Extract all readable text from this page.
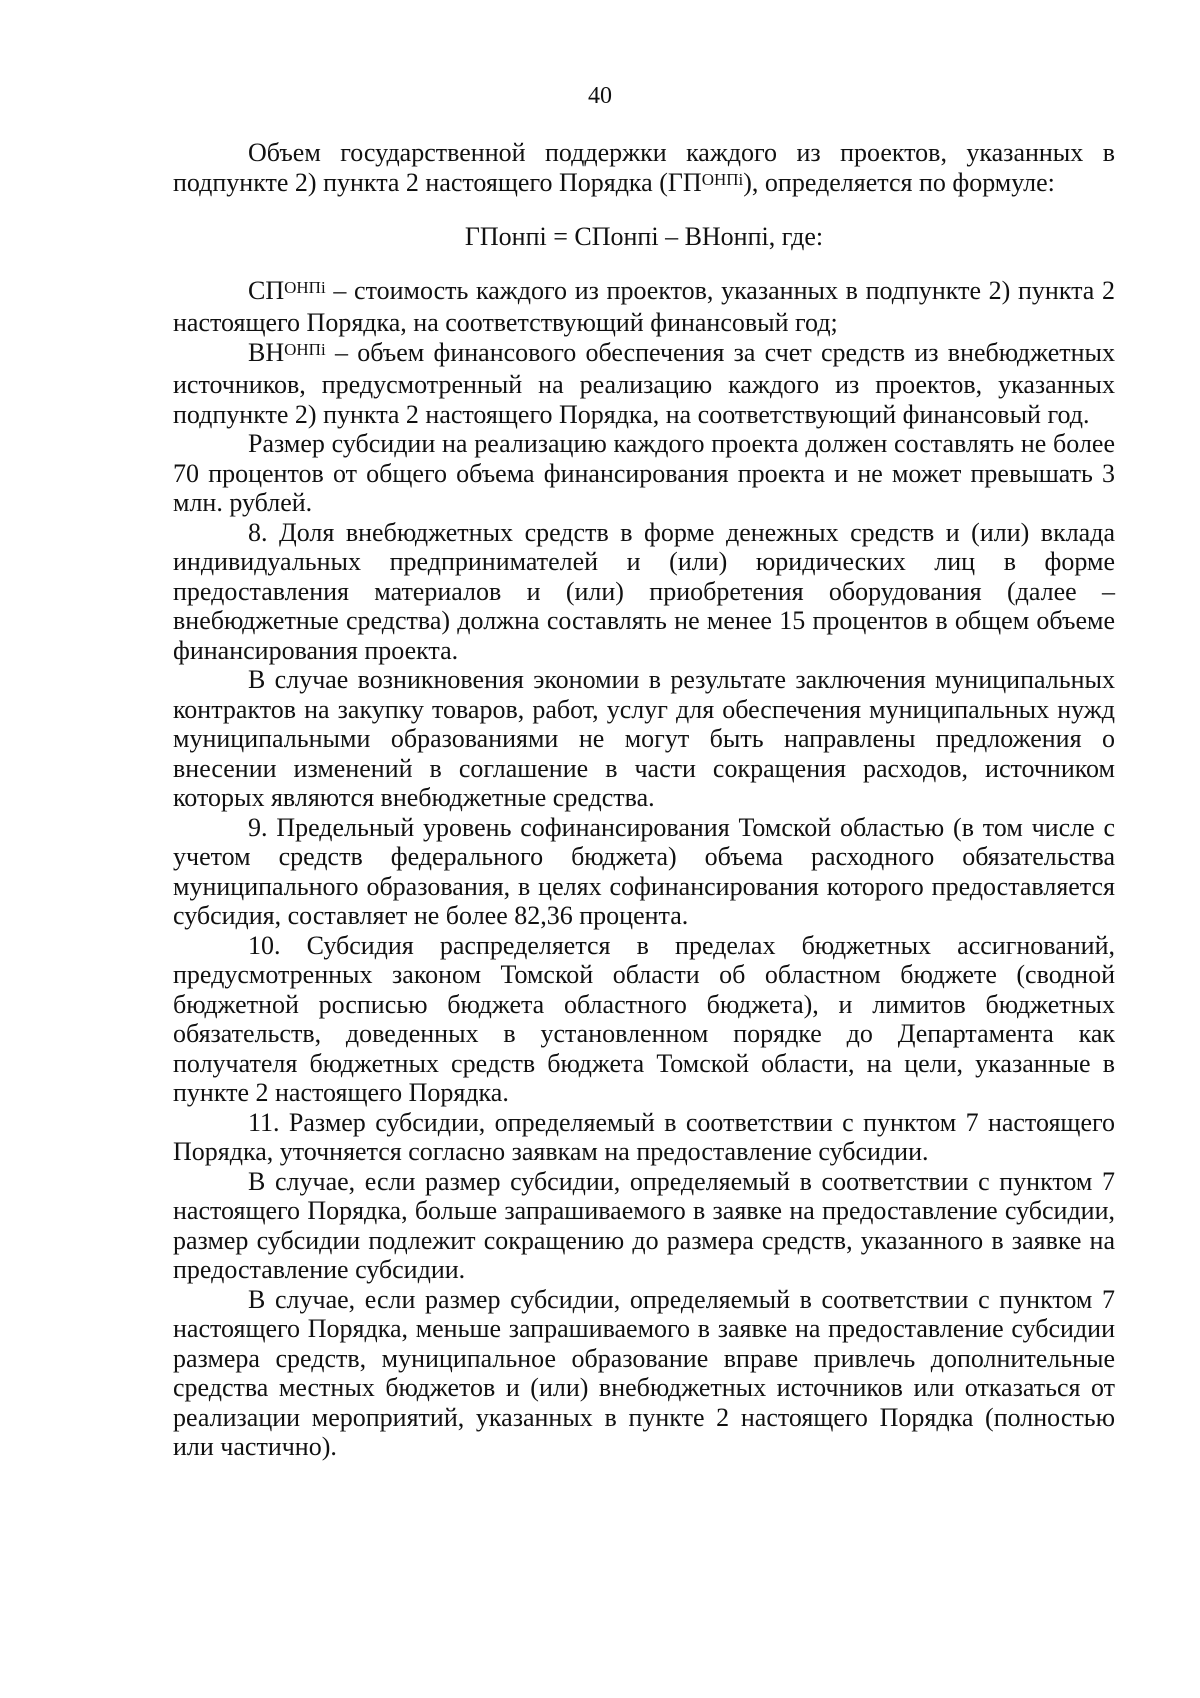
40

Объем государственной поддержки каждого из проектов, указанных в подпункте 2) пункта 2 настоящего Порядка $(ГП^{ОНПi})$, определяется по формуле:

ГПонпi = СПонпi – ВНонпi, где:

$СП^{ОНПi}$ – стоимость каждого из проектов, указанных в подпункте 2) пункта 2 настоящего Порядка, на соответствующий финансовый год;

$ВН^{ОНПi}$ – объем финансового обеспечения за счет средств из внебюджетных источников, предусмотренный на реализацию каждого из проектов, указанных подпункте 2) пункта 2 настоящего Порядка, на соответствующий финансовый год.

Размер субсидии на реализацию каждого проекта должен составлять не более 70 процентов от общего объема финансирования проекта и не может превышать 3 млн. рублей.

8. Доля внебюджетных средств в форме денежных средств и (или) вклада индивидуальных предпринимателей и (или) юридических лиц в форме предоставления материалов и (или) приобретения оборудования (далее – внебюджетные средства) должна составлять не менее 15 процентов в общем объеме финансирования проекта.

В случае возникновения экономии в результате заключения муниципальных контрактов на закупку товаров, работ, услуг для обеспечения муниципальных нужд муниципальными образованиями не могут быть направлены предложения о внесении изменений в соглашение в части сокращения расходов, источником которых являются внебюджетные средства.

9. Предельный уровень софинансирования Томской областью (в том числе с учетом средств федерального бюджета) объема расходного обязательства муниципального образования, в целях софинансирования которого предоставляется субсидия, составляет не более 82,36 процента.

10. Субсидия распределяется в пределах бюджетных ассигнований, предусмотренных законом Томской области об областном бюджете (сводной бюджетной росписью бюджета областного бюджета), и лимитов бюджетных обязательств, доведенных в установленном порядке до Департамента как получателя бюджетных средств бюджета Томской области, на цели, указанные в пункте 2 настоящего Порядка.

11. Размер субсидии, определяемый в соответствии с пунктом 7 настоящего Порядка, уточняется согласно заявкам на предоставление субсидии.

В случае, если размер субсидии, определяемый в соответствии с пунктом 7 настоящего Порядка, больше запрашиваемого в заявке на предоставление субсидии, размер субсидии подлежит сокращению до размера средств, указанного в заявке на предоставление субсидии.

В случае, если размер субсидии, определяемый в соответствии с пунктом 7 настоящего Порядка, меньше запрашиваемого в заявке на предоставление субсидии размера средств, муниципальное образование вправе привлечь дополнительные средства местных бюджетов и (или) внебюджетных источников или отказаться от реализации мероприятий, указанных в пункте 2 настоящего Порядка (полностью или частично).
